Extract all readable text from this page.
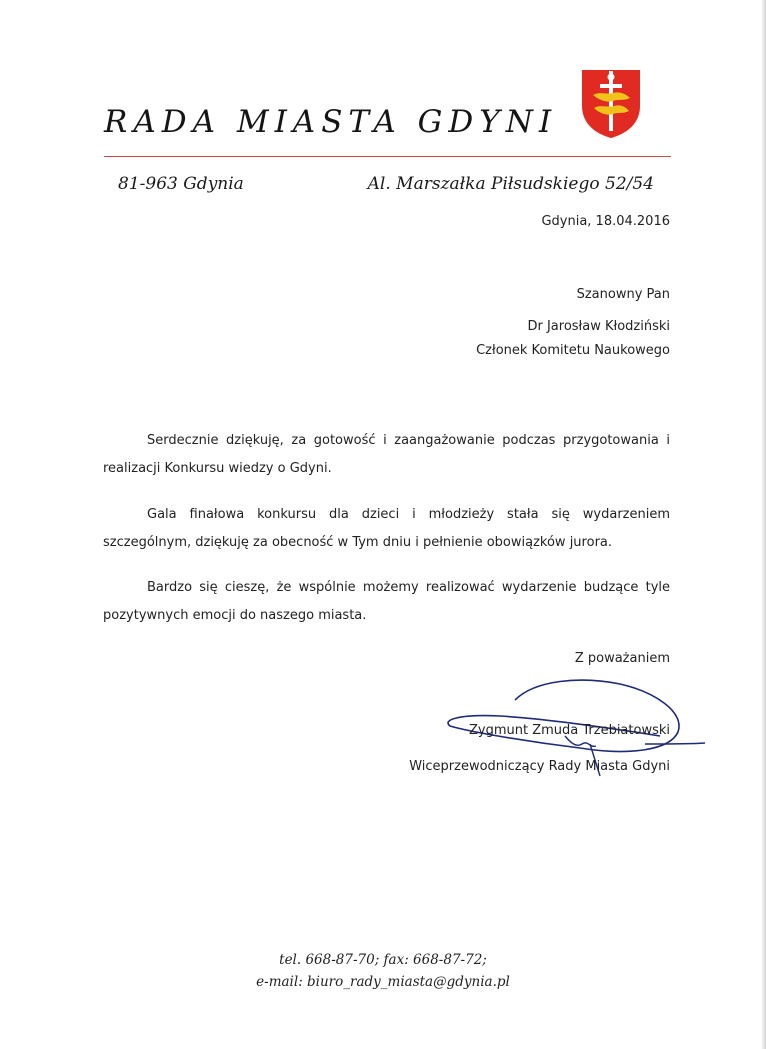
RADA MIASTA GDYNI
81-963 Gdynia	Al. Marszałka Piłsudskiego 52/54
Gdynia, 18.04.2016
Szanowny Pan
Dr Jarosław Kłodziński
Członek Komitetu Naukowego
Serdecznie dziękuję, za gotowość i zaangażowanie podczas przygotowania i realizacji Konkursu wiedzy o Gdyni.
Gala finałowa konkursu dla dzieci i młodzieży stała się wydarzeniem szczególnym, dziękuję za obecność w Tym dniu i pełnienie obowiązków jurora.
Bardzo się cieszę, że wspólnie możemy realizować wydarzenie budzące tyle pozytywnych emocji do naszego miasta.
Z poważaniem
Zygmunt Zmuda Trzebiatowski
Wiceprzewodniczący Rady Miasta Gdyni
tel. 668-87-70; fax: 668-87-72;
e-mail: biuro_rady_miasta@gdynia.pl
